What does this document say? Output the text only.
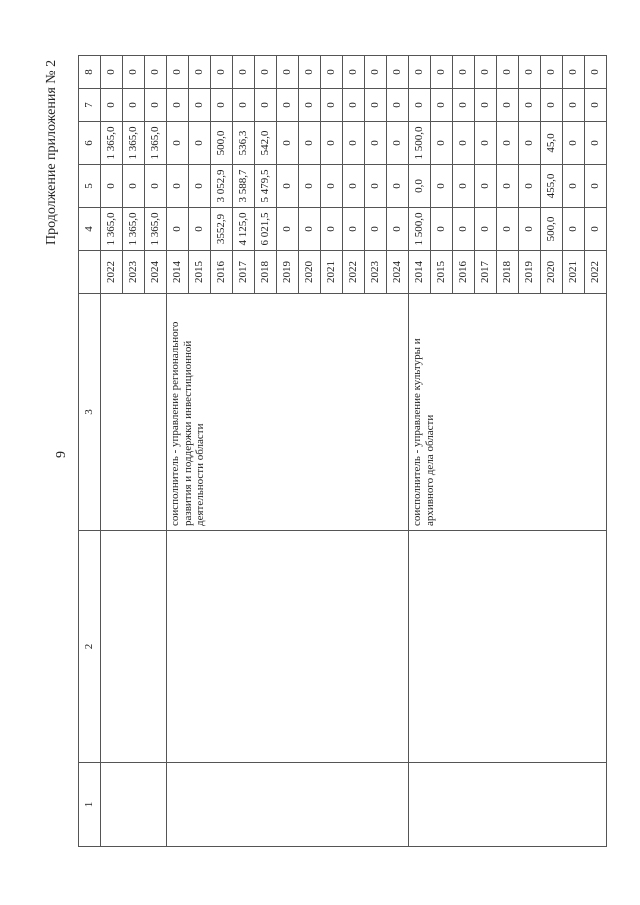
Продолжение приложения № 2
9
1	2	3		4	5	6	7	8
			2022	1 365,0	0	1 365,0	0	0
			2023	1 365,0	0	1 365,0	0	0
			2024	1 365,0	0	1 365,0	0	0
		соисполнитель - управление регионального развития и поддержки инвестиционной деятельности области	2014	0	0	0	0	0
			2015	0	0	0	0	0
			2016	3552,9	3 052,9	500,0	0	0
			2017	4 125,0	3 588,7	536,3	0	0
			2018	6 021,5	5 479,5	542,0	0	0
			2019	0	0	0	0	0
			2020	0	0	0	0	0
			2021	0	0	0	0	0
			2022	0	0	0	0	0
			2023	0	0	0	0	0
			2024	0	0	0	0	0
		соисполнитель - управление культуры и архивного дела области	2014	1 500,0	0,0	1 500,0	0	0
			2015	0	0	0	0	0
			2016	0	0	0	0	0
			2017	0	0	0	0	0
			2018	0	0	0	0	0
			2019	0	0	0	0	0
			2020	500,0	455,0	45,0	0	0
			2021	0	0	0	0	0
			2022	0	0	0	0	0
